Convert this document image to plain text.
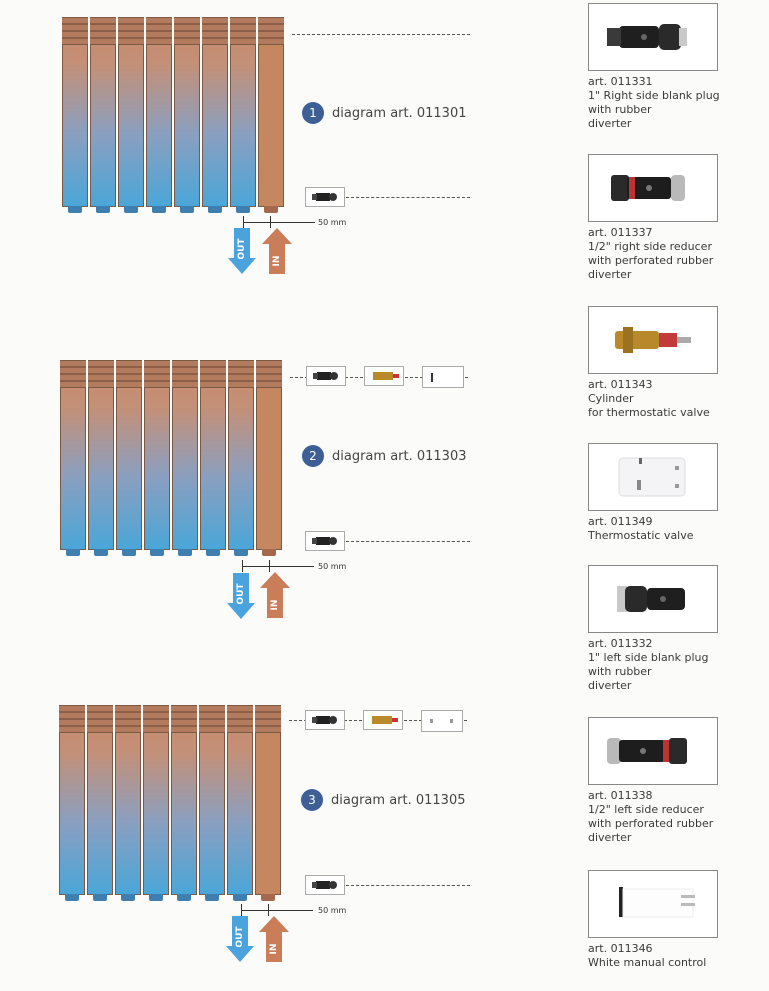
1	diagram art. 011301
50 mm
OUT
IN
2	diagram art. 011303
50 mm
OUT
IN
3	diagram art. 011305
50 mm
OUT
IN
art. 011331
1" Right side blank plug
with rubber
diverter
art. 011337
1/2" right side reducer
with perforated rubber
diverter
art. 011343
Cylinder
for thermostatic valve
art. 011349
Thermostatic valve
art. 011332
1" left side blank plug
with rubber
diverter
art. 011338
1/2" left side reducer
with perforated rubber
diverter
art. 011346
White manual control
